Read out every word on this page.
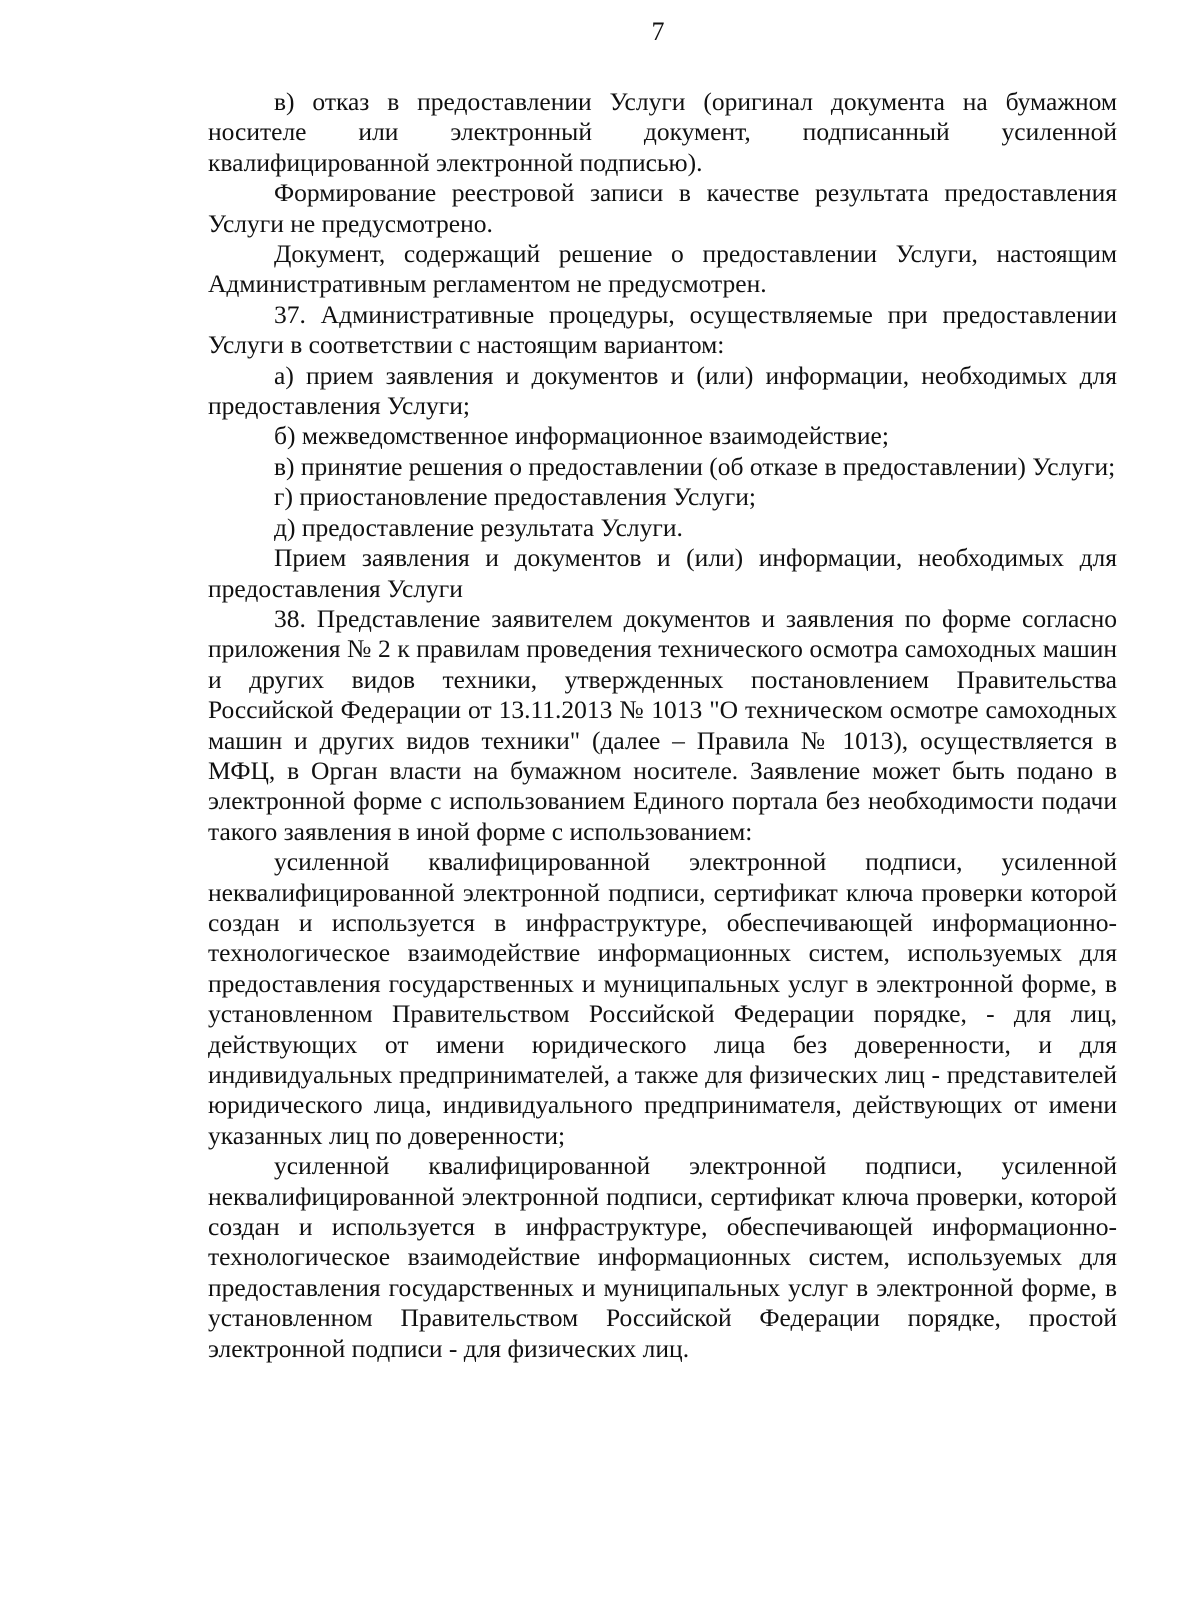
7

в) отказ в предоставлении Услуги (оригинал документа на бумажном носителе или электронный документ, подписанный усиленной квалифицированной электронной подписью).

Формирование реестровой записи в качестве результата предоставления Услуги не предусмотрено.

Документ, содержащий решение о предоставлении Услуги, настоящим Административным регламентом не предусмотрен.

37. Административные процедуры, осуществляемые при предоставлении Услуги в соответствии с настоящим вариантом:

а) прием заявления и документов и (или) информации, необходимых для предоставления Услуги;

б) межведомственное информационное взаимодействие;

в) принятие решения о предоставлении (об отказе в предоставлении) Услуги;

г) приостановление предоставления Услуги;

д) предоставление результата Услуги.

Прием заявления и документов и (или) информации, необходимых для предоставления Услуги

38. Представление заявителем документов и заявления по форме согласно приложения № 2 к правилам проведения технического осмотра самоходных машин и других видов техники, утвержденных постановлением Правительства Российской Федерации от 13.11.2013 № 1013 "О техническом осмотре самоходных машин и других видов техники" (далее – Правила № 1013), осуществляется в МФЦ, в Орган власти на бумажном носителе. Заявление может быть подано в электронной форме с использованием Единого портала без необходимости подачи такого заявления в иной форме с использованием:

усиленной квалифицированной электронной подписи, усиленной неквалифицированной электронной подписи, сертификат ключа проверки которой создан и используется в инфраструктуре, обеспечивающей информационно-технологическое взаимодействие информационных систем, используемых для предоставления государственных и муниципальных услуг в электронной форме, в установленном Правительством Российской Федерации порядке, - для лиц, действующих от имени юридического лица без доверенности, и для индивидуальных предпринимателей, а также для физических лиц - представителей юридического лица, индивидуального предпринимателя, действующих от имени указанных лиц по доверенности;

усиленной квалифицированной электронной подписи, усиленной неквалифицированной электронной подписи, сертификат ключа проверки, которой создан и используется в инфраструктуре, обеспечивающей информационно-технологическое взаимодействие информационных систем, используемых для предоставления государственных и муниципальных услуг в электронной форме, в установленном Правительством Российской Федерации порядке, простой электронной подписи - для физических лиц.
